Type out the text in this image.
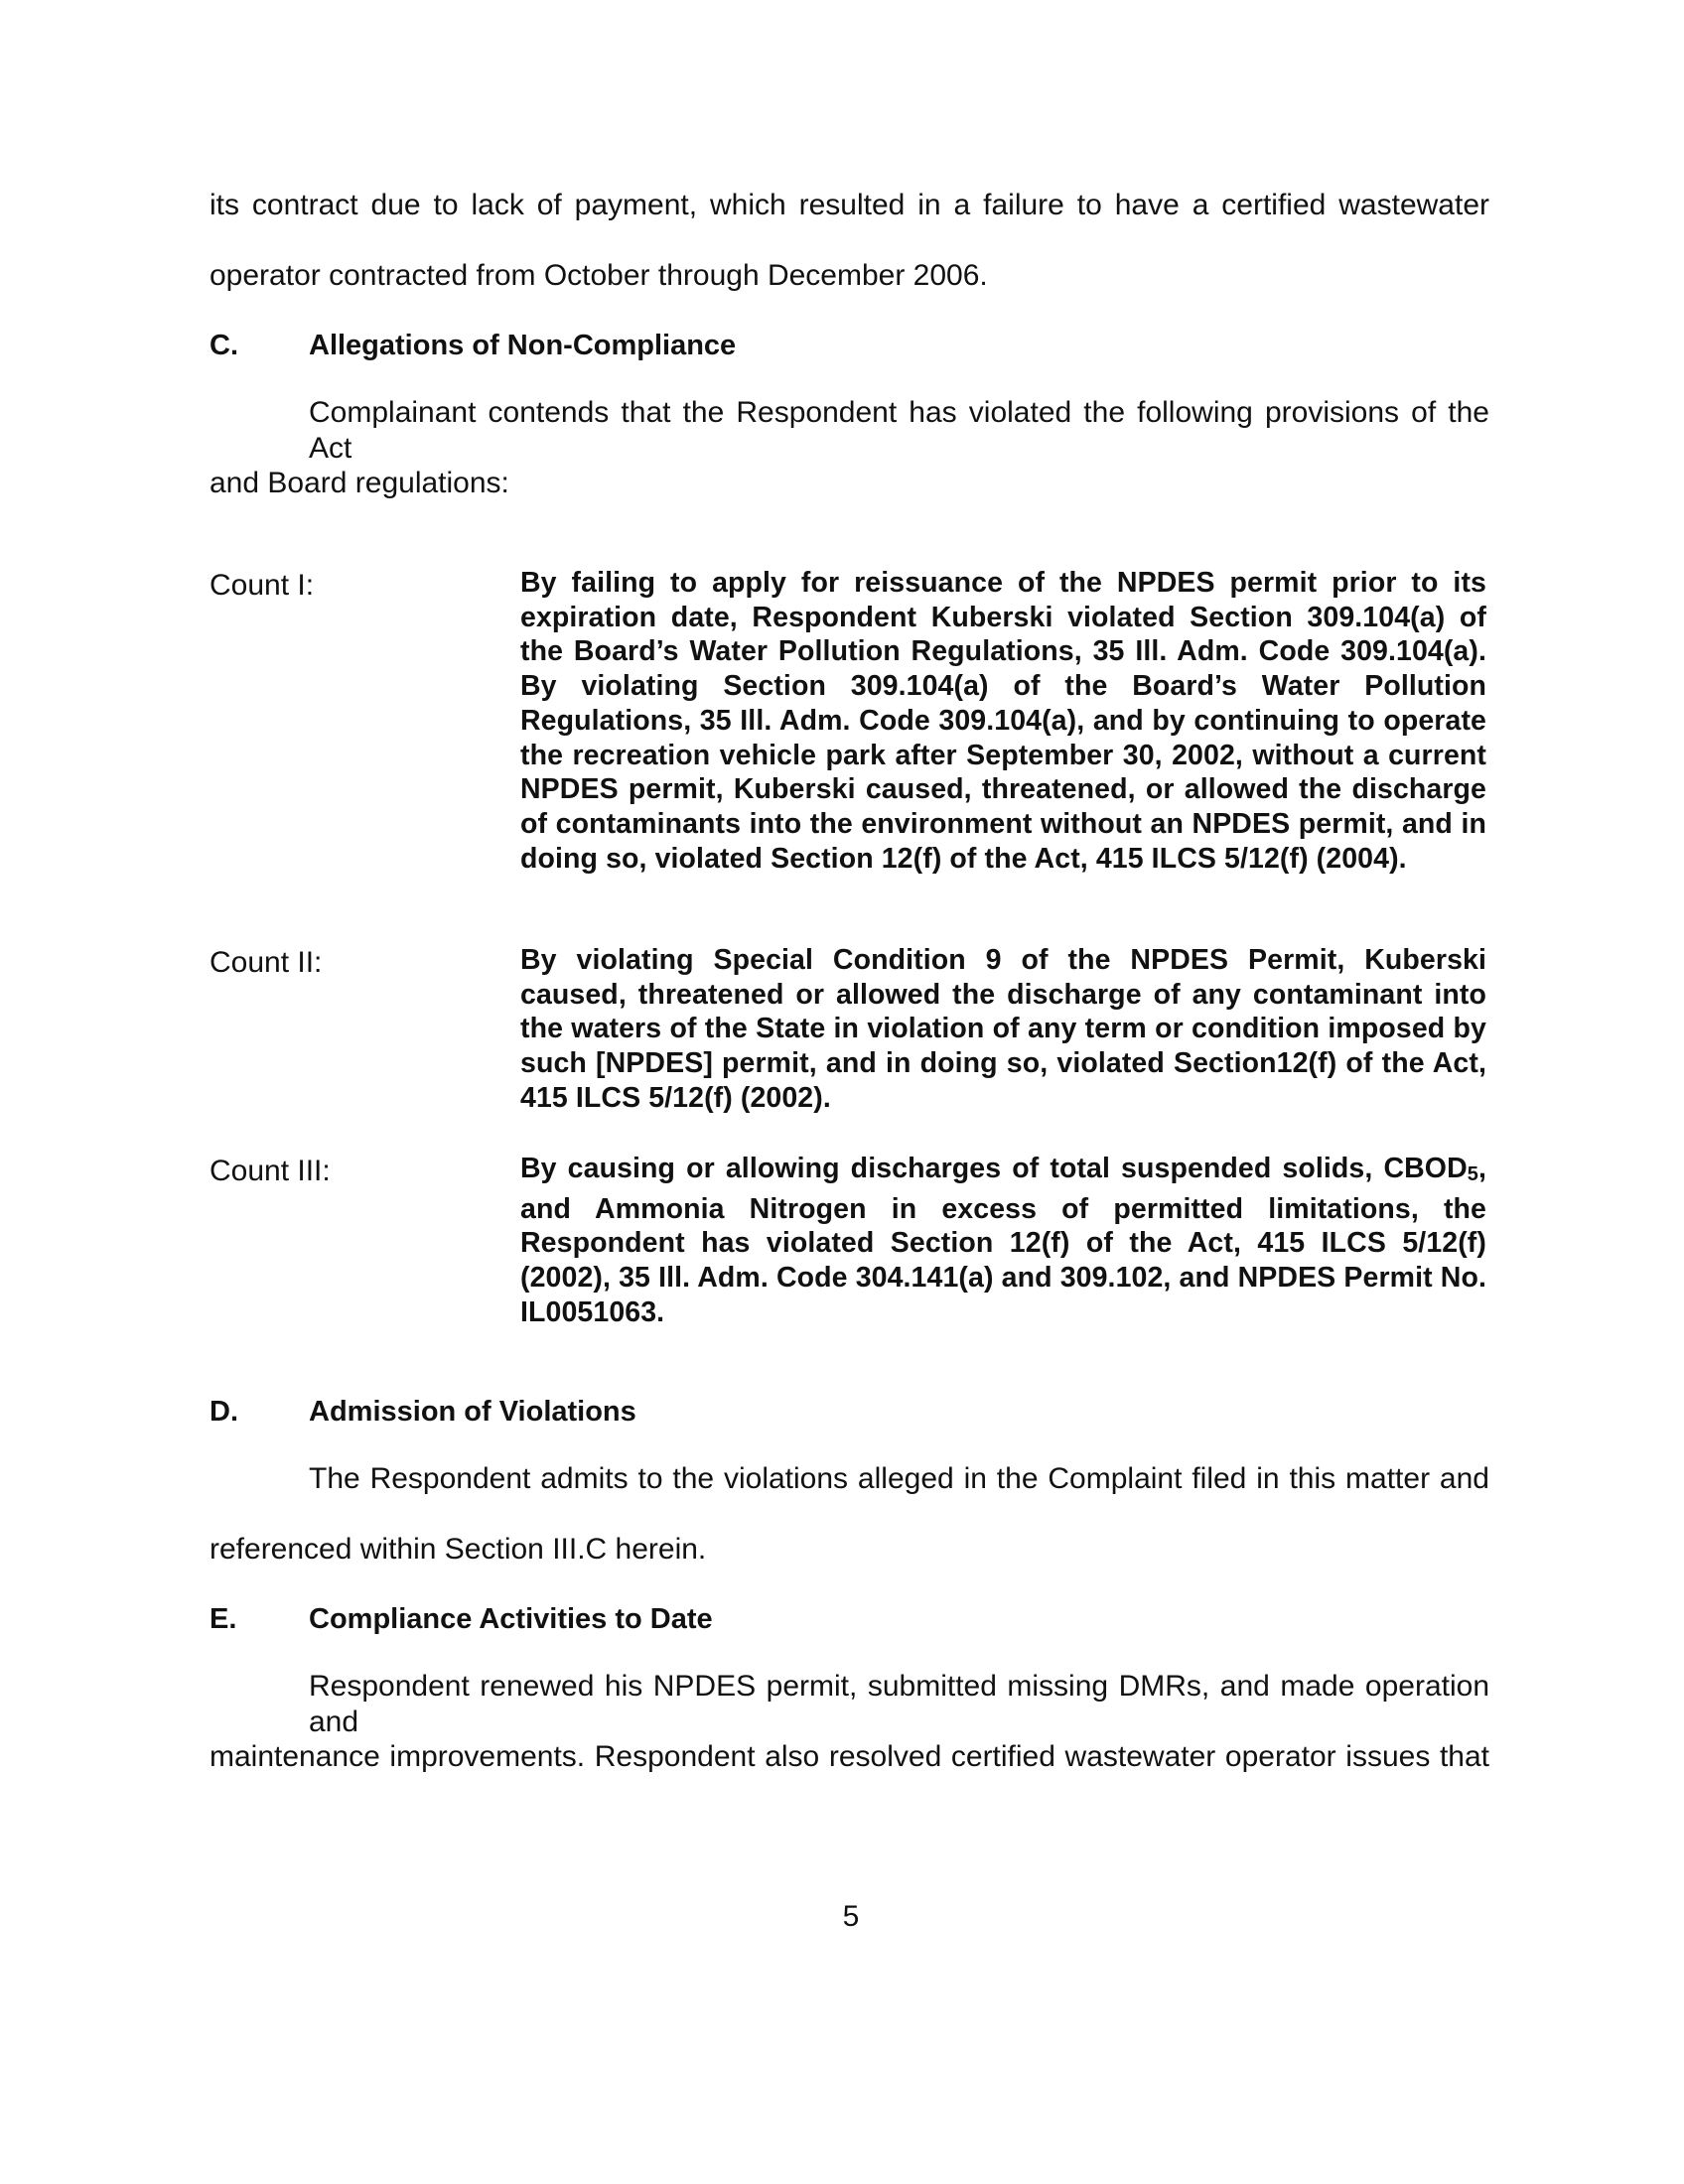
its contract due to lack of payment, which resulted in a failure to have a certified wastewater
operator contracted from October through December 2006.
C. Allegations of Non-Compliance
Complainant contends that the Respondent has violated the following provisions of the Act
and Board regulations:
Count I:	By failing to apply for reissuance of the NPDES permit prior to its expiration date, Respondent Kuberski violated Section 309.104(a) of the Board’s Water Pollution Regulations, 35 Ill. Adm. Code 309.104(a). By violating Section 309.104(a) of the Board’s Water Pollution Regulations, 35 Ill. Adm. Code 309.104(a), and by continuing to operate the recreation vehicle park after September 30, 2002, without a current NPDES permit, Kuberski caused, threatened, or allowed the discharge of contaminants into the environment without an NPDES permit, and in doing so, violated Section 12(f) of the Act, 415 ILCS 5/12(f) (2004).
Count II:	By violating Special Condition 9 of the NPDES Permit, Kuberski caused, threatened or allowed the discharge of any contaminant into the waters of the State in violation of any term or condition imposed by such [NPDES] permit, and in doing so, violated Section12(f) of the Act, 415 ILCS 5/12(f) (2002).
Count III:	By causing or allowing discharges of total suspended solids, CBOD5, and Ammonia Nitrogen in excess of permitted limitations, the Respondent has violated Section 12(f) of the Act, 415 ILCS 5/12(f) (2002), 35 Ill. Adm. Code 304.141(a) and 309.102, and NPDES Permit No. IL0051063.
D. Admission of Violations
The Respondent admits to the violations alleged in the Complaint filed in this matter and
referenced within Section III.C herein.
E.	Compliance Activities to Date
Respondent renewed his NPDES permit, submitted missing DMRs, and made operation and
maintenance improvements. Respondent also resolved certified wastewater operator issues that
5
